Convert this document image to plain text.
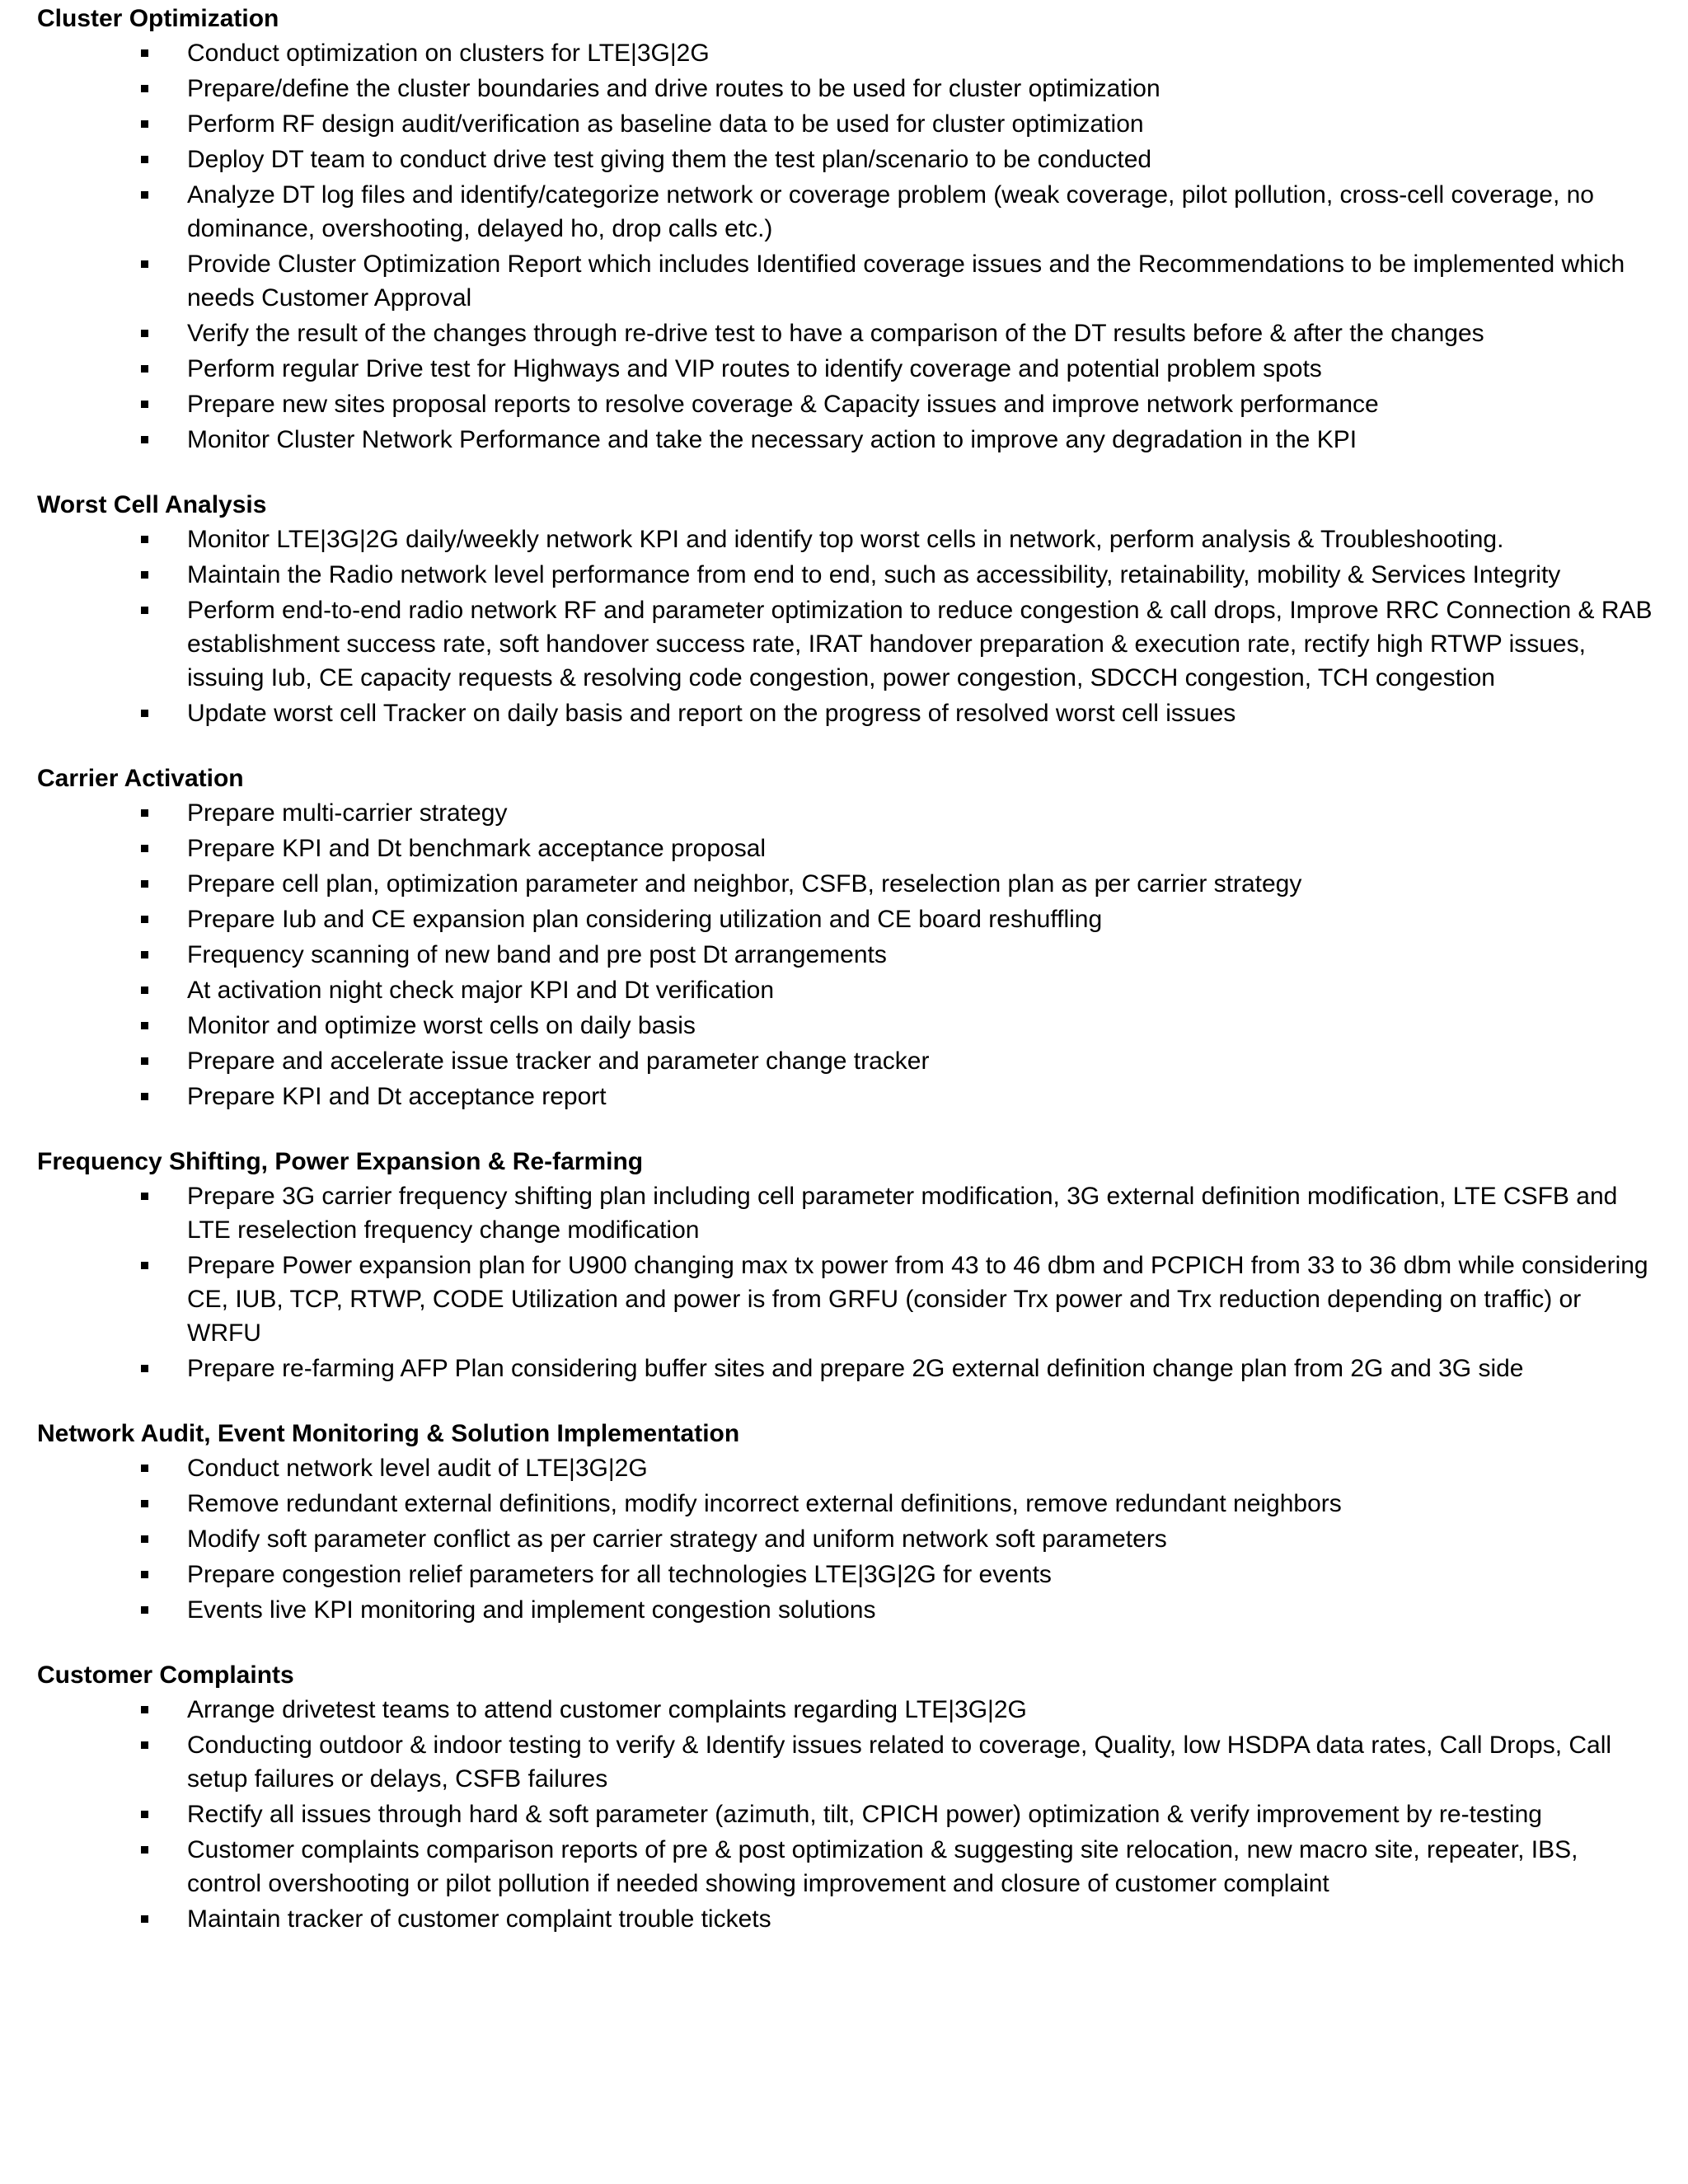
Cluster Optimization
Conduct optimization on clusters for LTE|3G|2G
Prepare/define the cluster boundaries and drive routes to be used for cluster optimization
Perform RF design audit/verification as baseline data to be used for cluster optimization
Deploy DT team to conduct drive test giving them the test plan/scenario to be conducted
Analyze DT log files and identify/categorize network or coverage problem (weak coverage, pilot pollution, cross-cell coverage, no dominance, overshooting, delayed ho, drop calls etc.)
Provide Cluster Optimization Report which includes Identified coverage issues and the Recommendations to be implemented which needs Customer Approval
Verify the result of the changes through re-drive test to have a comparison of the DT results before & after the changes
Perform regular Drive test for Highways and VIP routes to identify coverage and potential problem spots
Prepare new sites proposal reports to resolve coverage & Capacity issues and improve network performance
Monitor Cluster Network Performance and take the necessary action to improve any degradation in the KPI
Worst Cell Analysis
Monitor LTE|3G|2G daily/weekly network KPI and identify top worst cells in network, perform analysis & Troubleshooting.
Maintain the Radio network level performance from end to end, such as accessibility, retainability, mobility & Services Integrity
Perform end-to-end radio network RF and parameter optimization to reduce congestion & call drops, Improve RRC Connection & RAB establishment success rate, soft handover success rate, IRAT handover preparation & execution rate, rectify high RTWP issues, issuing Iub, CE capacity requests & resolving code congestion, power congestion, SDCCH congestion, TCH congestion
Update worst cell Tracker on daily basis and report on the progress of resolved worst cell issues
Carrier Activation
Prepare multi-carrier strategy
Prepare KPI and Dt benchmark acceptance proposal
Prepare cell plan, optimization parameter and neighbor, CSFB, reselection plan as per carrier strategy
Prepare Iub and CE expansion plan considering utilization and CE board reshuffling
Frequency scanning of new band and pre post Dt arrangements
At activation night check major KPI and Dt verification
Monitor and optimize worst cells on daily basis
Prepare and accelerate issue tracker and parameter change tracker
Prepare KPI and Dt acceptance report
Frequency Shifting, Power Expansion & Re-farming
Prepare 3G carrier frequency shifting plan including cell parameter modification, 3G external definition modification, LTE CSFB and LTE reselection frequency change modification
Prepare Power expansion plan for U900 changing max tx power from 43 to 46 dbm and PCPICH from 33 to 36 dbm while considering CE, IUB, TCP, RTWP, CODE Utilization and power is from GRFU (consider Trx power and Trx reduction depending on traffic) or WRFU
Prepare re-farming AFP Plan considering buffer sites and prepare 2G external definition change plan from 2G and 3G side
Network Audit, Event Monitoring & Solution Implementation
Conduct network level audit of LTE|3G|2G
Remove redundant external definitions, modify incorrect external definitions, remove redundant neighbors
Modify soft parameter conflict as per carrier strategy and uniform network soft parameters
Prepare congestion relief parameters for all technologies LTE|3G|2G for events
Events live KPI monitoring and implement congestion solutions
Customer Complaints
Arrange drivetest teams to attend customer complaints regarding LTE|3G|2G
Conducting outdoor & indoor testing to verify & Identify issues related to coverage, Quality, low HSDPA data rates, Call Drops, Call setup failures or delays, CSFB failures
Rectify all issues through hard & soft parameter (azimuth, tilt, CPICH power) optimization & verify improvement by re-testing
Customer complaints comparison reports of pre & post optimization & suggesting site relocation, new macro site, repeater, IBS, control overshooting or pilot pollution if needed showing improvement and closure of customer complaint
Maintain tracker of customer complaint trouble tickets
